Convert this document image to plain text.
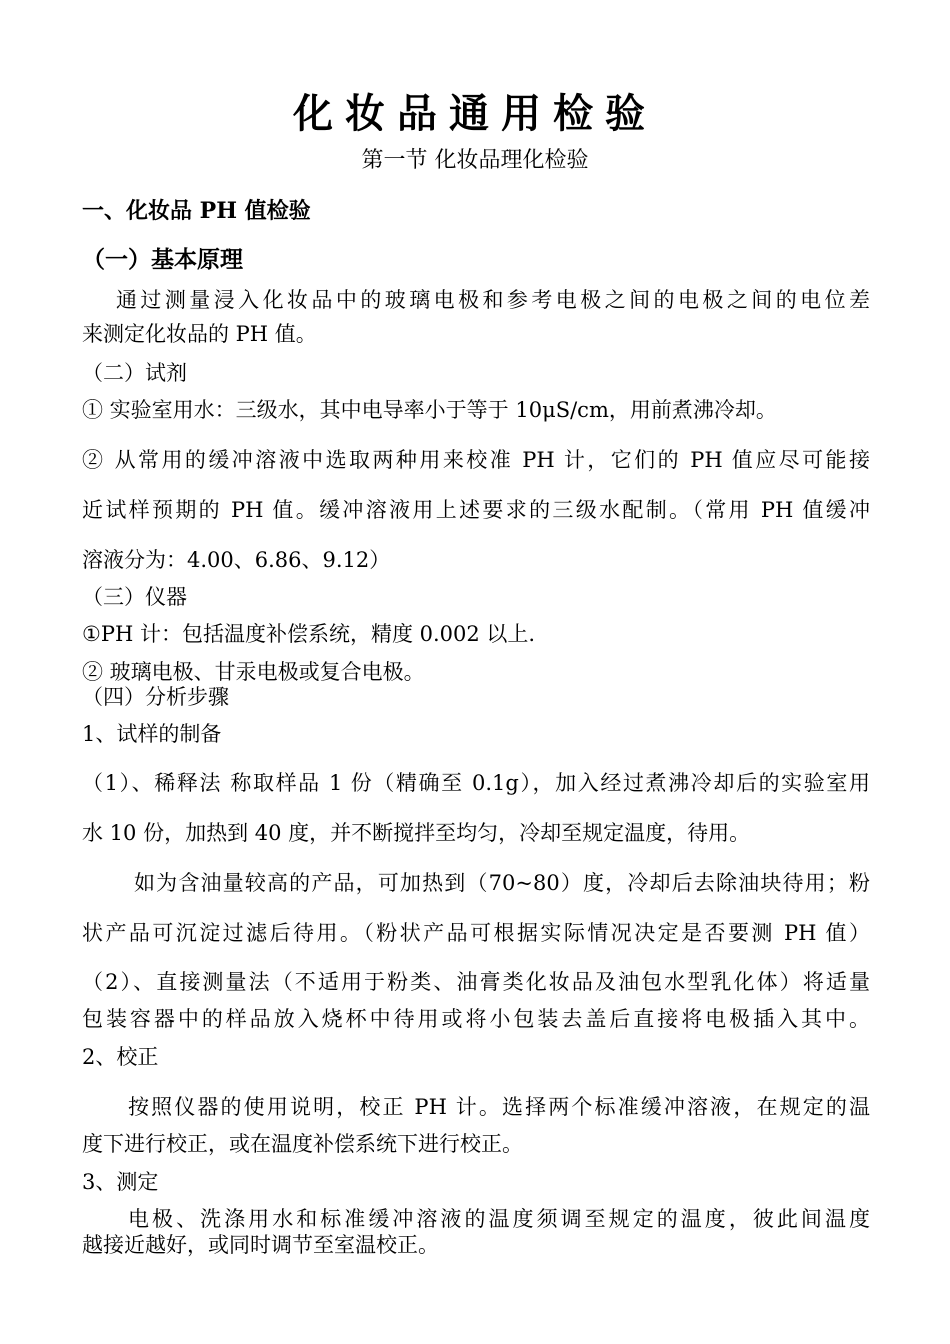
化妆品通用检验
第一节 化妆品理化检验
一、化妆品 PH 值检验
（一）基本原理
通过测量浸入化妆品中的玻璃电极和参考电极之间的电极之间的电位差
来测定化妆品的 PH 值。
（二）试剂
① 实验室用水：三级水，其中电导率小于等于 10μS/cm，用前煮沸冷却。
② 从常用的缓冲溶液中选取两种用来校准 PH 计，它们的 PH 值应尽可能接
近试样预期的 PH 值。缓冲溶液用上述要求的三级水配制。（常用 PH 值缓冲
溶液分为：4.00、6.86、9.12）
（三）仪器
①PH 计：包括温度补偿系统，精度 0.002 以上.
② 玻璃电极、甘汞电极或复合电极。
（四）分析步骤
1、试样的制备
（1）、稀释法 称取样品 1 份（精确至 0.1g），加入经过煮沸冷却后的实验室用
水 10 份，加热到 40 度，并不断搅拌至均匀，冷却至规定温度，待用。
如为含油量较高的产品，可加热到（70~80）度，冷却后去除油块待用；粉
状产品可沉淀过滤后待用。（粉状产品可根据实际情况决定是否要测 PH 值）
（2）、直接测量法（不适用于粉类、油膏类化妆品及油包水型乳化体）将适量
包装容器中的样品放入烧杯中待用或将小包装去盖后直接将电极插入其中。
2、校正
按照仪器的使用说明，校正 PH 计。选择两个标准缓冲溶液，在规定的温
度下进行校正，或在温度补偿系统下进行校正。
3、测定
电极、洗涤用水和标准缓冲溶液的温度须调至规定的温度，彼此间温度
越接近越好，或同时调节至室温校正。
